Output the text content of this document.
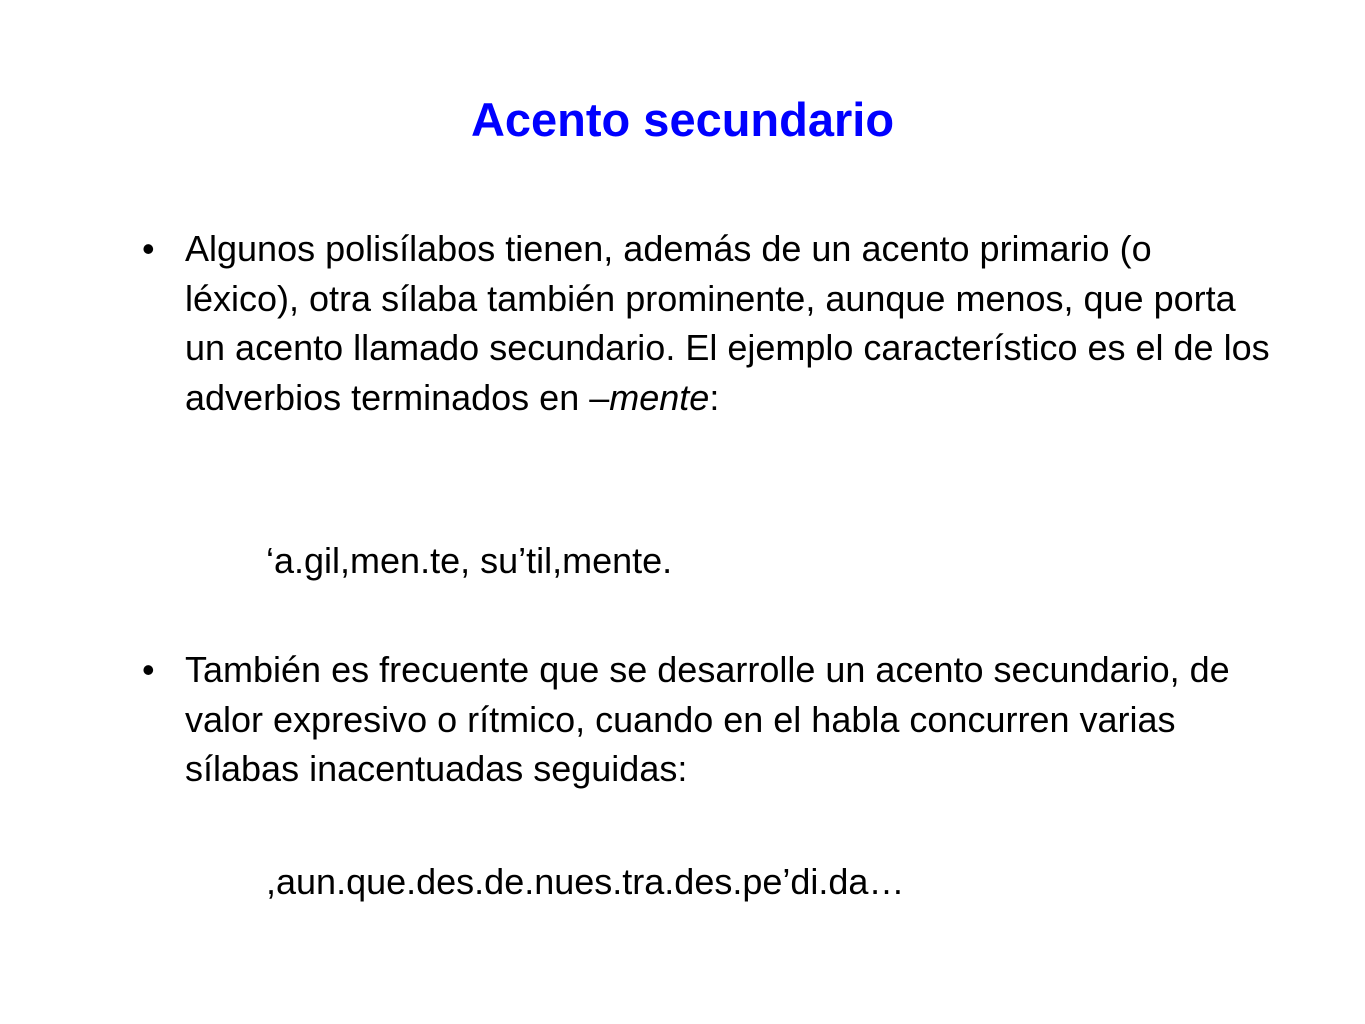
Acento secundario
• Algunos polisílabos tienen, además de un acento primario (o léxico), otra sílaba también prominente, aunque menos, que porta un acento llamado secundario. El ejemplo característico es el de los adverbios terminados en –mente:
‘a.gil,men.te, su’til,mente.
• También es frecuente que se desarrolle un acento secundario, de valor expresivo o rítmico, cuando en el habla concurren varias sílabas inacentuadas seguidas:
,aun.que.des.de.nues.tra.des.pe’di.da…
